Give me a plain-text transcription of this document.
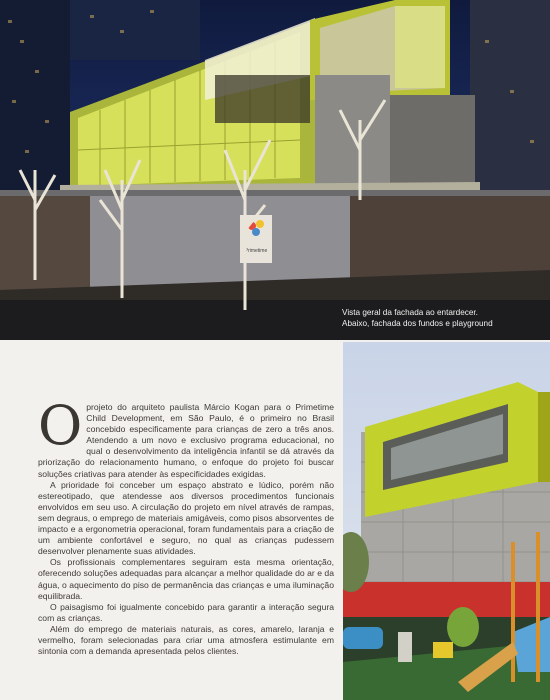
Primetime
Vista geral da fachada ao entardecer.
Abaixo, fachada dos fundos e playground

Oprojeto do arquiteto paulista Márcio Kogan para o Primetime Child Development, em São Paulo, é o primeiro no Brasil concebido especificamente para crianças de zero a três anos. Atendendo a um novo e exclusivo programa educacional, no qual o desenvolvimento da inteligência infantil se dá através da priorização do relacionamento humano, o enfoque do projeto foi buscar soluções criativas para atender às especificidades exigidas.

A prioridade foi conceber um espaço abstrato e lúdico, porém não estereotipado, que atendesse aos diversos procedimentos funcionais envolvidos em seu uso. A circulação do projeto em nível através de rampas, sem degraus, o emprego de materiais amigáveis, como pisos absorventes de impacto e a ergonometria operacional, foram fundamentais para a criação de um ambiente confortável e seguro, no qual as crianças pudessem desenvolver plenamente suas atividades.

Os profissionais complementares seguiram esta mesma orientação, oferecendo soluções adequadas para alcançar a melhor qualidade do ar e da água, o aquecimento do piso de permanência das crianças e uma iluminação equilibrada.

O paisagismo foi igualmente concebido para garantir a interação segura com as crianças.

Além do emprego de materiais naturais, as cores, amarelo, laranja e vermelho, foram selecionadas para criar uma atmosfera estimulante em sintonia com a demanda apresentada pelos clientes.
